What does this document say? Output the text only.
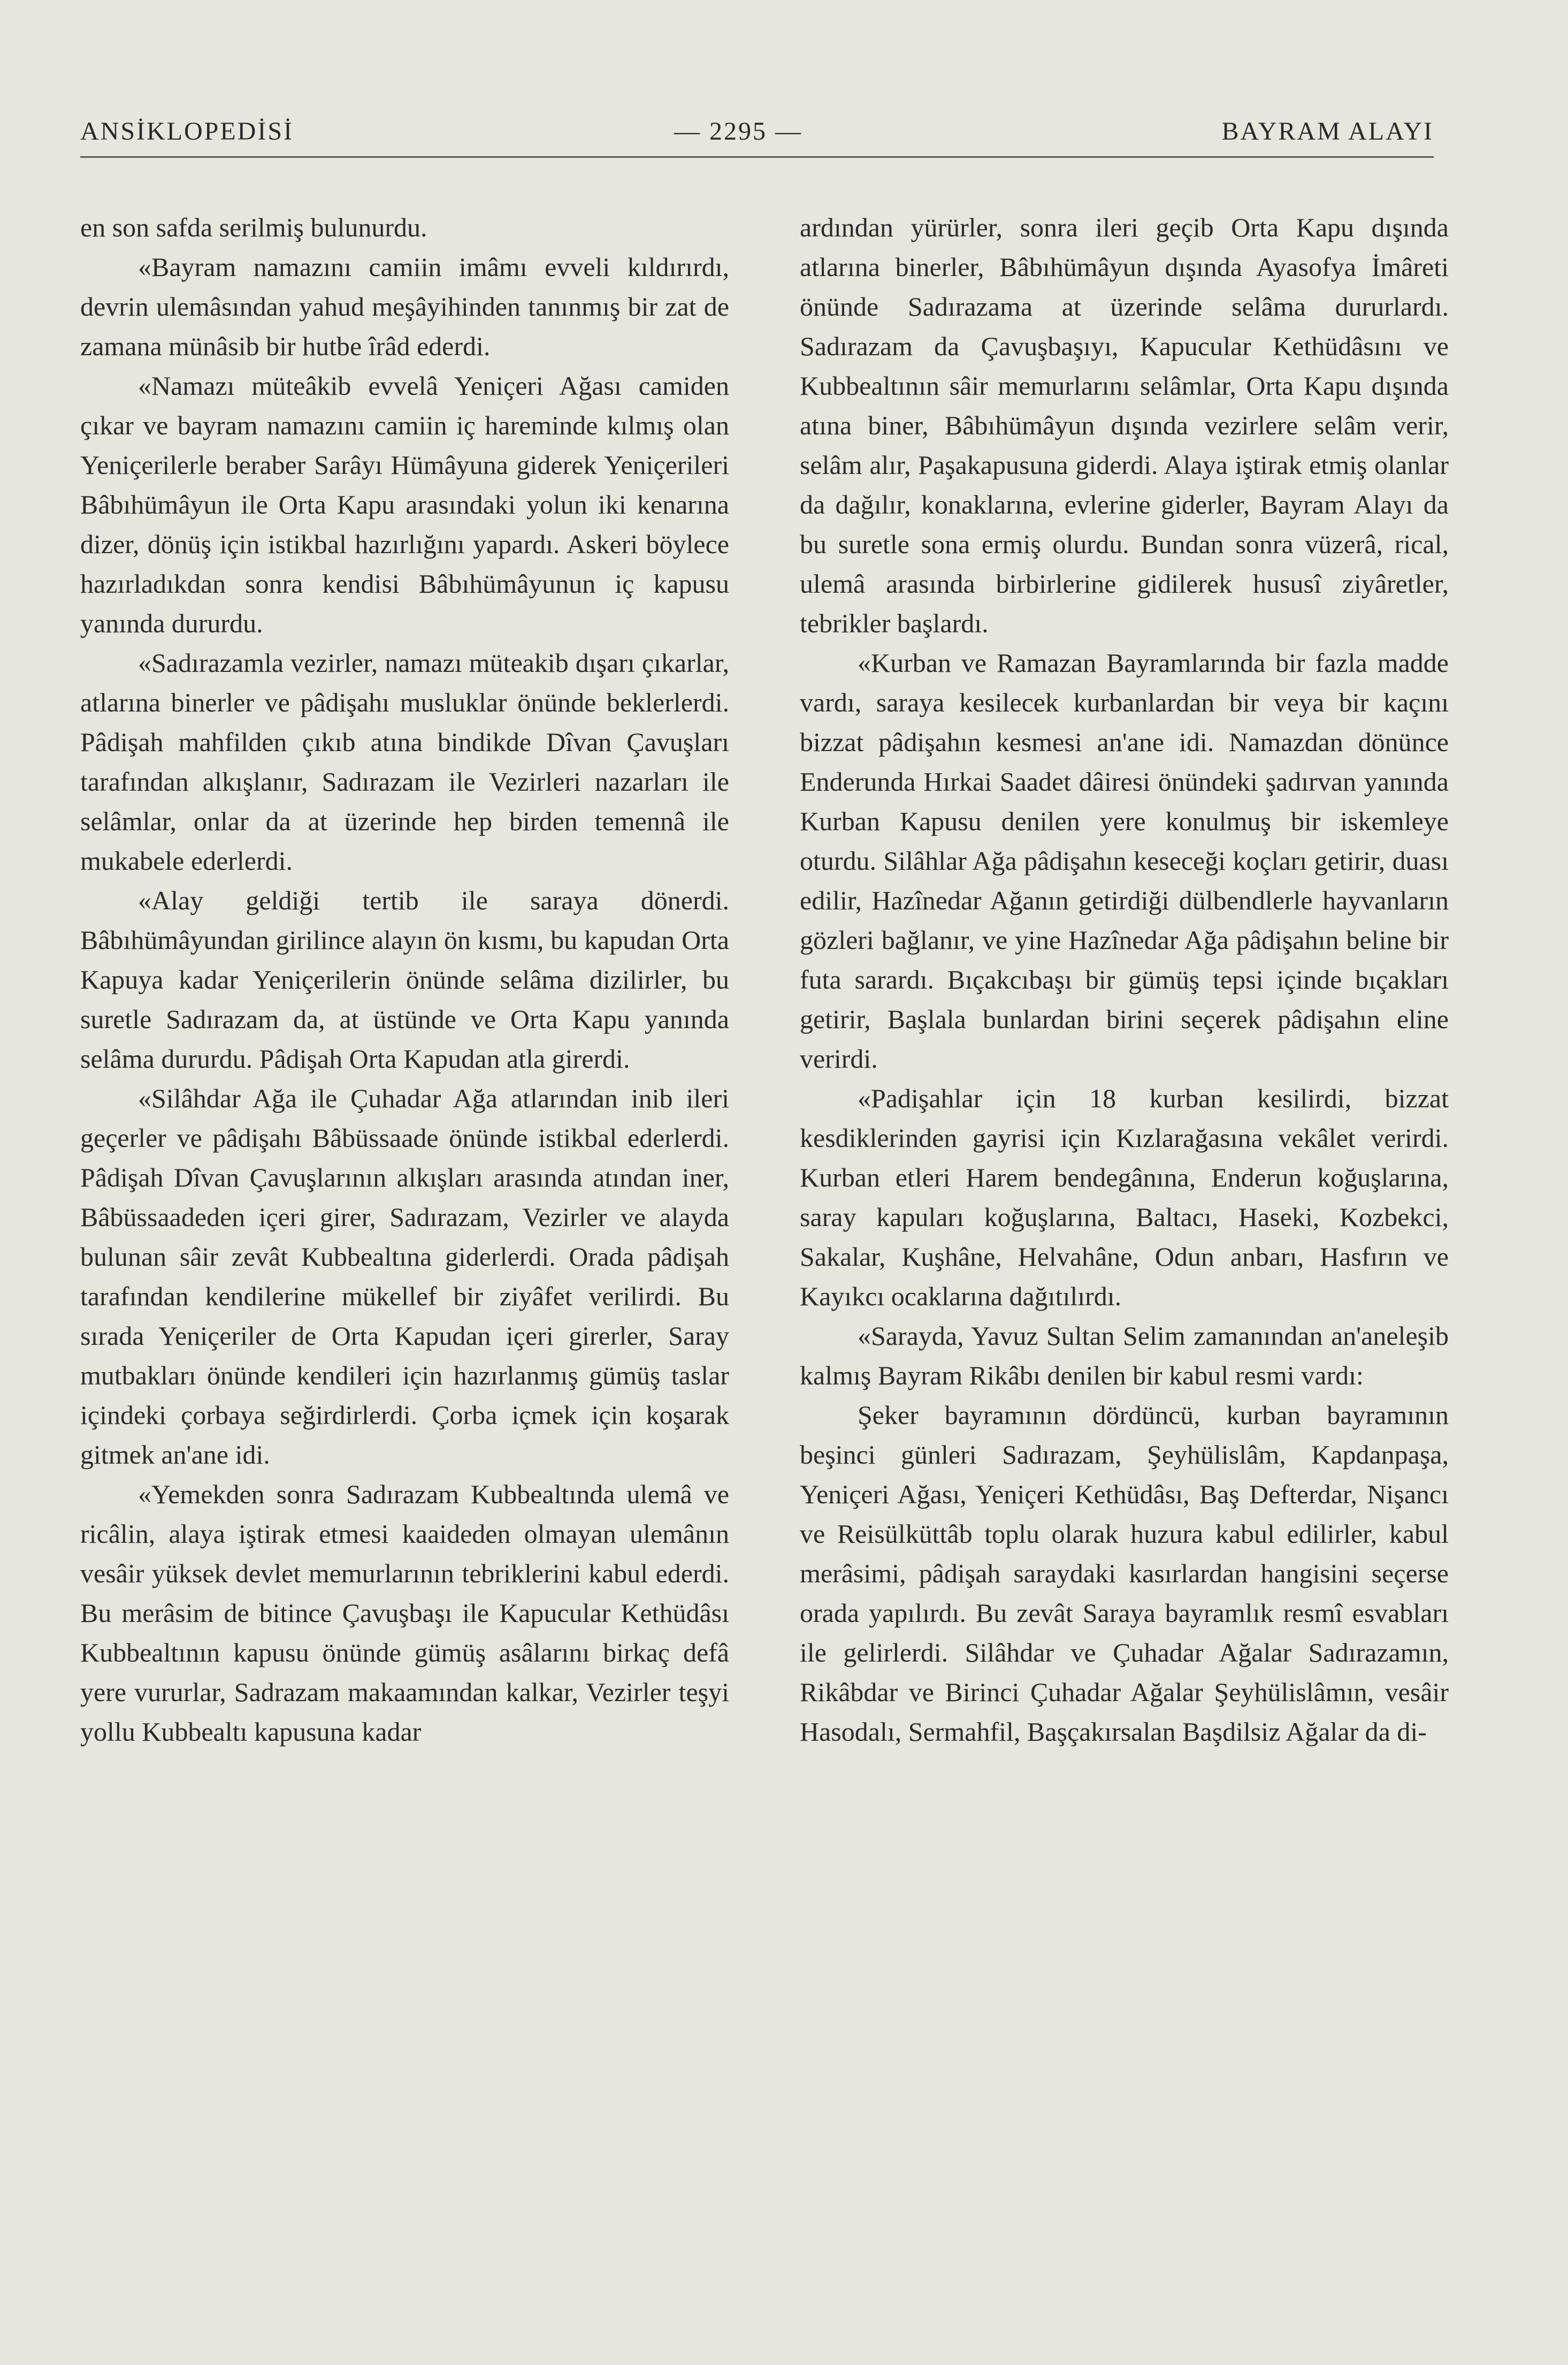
ANSİKLOPEDİSİ	— 2295 —	BAYRAM ALAYI

en son safda serilmiş bulunurdu.

«Bayram namazını camiin imâmı evveli kıldırırdı, devrin ulemâsından yahud meşâyihinden tanınmış bir zat de zamana münâsib bir hutbe îrâd ederdi.

«Namazı müteâkib evvelâ Yeniçeri Ağası camiden çıkar ve bayram namazını camiin iç hareminde kılmış olan Yeniçerilerle beraber Sarâyı Hümâyuna giderek Yeniçerileri Bâbıhümâyun ile Orta Kapu arasındaki yolun iki kenarına dizer, dönüş için istikbal hazırlığını yapardı. Askeri böylece hazırladıkdan sonra kendisi Bâbıhümâyunun iç kapusu yanında dururdu.

«Sadırazamla vezirler, namazı müteakib dışarı çıkarlar, atlarına binerler ve pâdişahı musluklar önünde beklerlerdi. Pâdişah mahfilden çıkıb atına bindikde Dîvan Çavuşları tarafından alkışlanır, Sadırazam ile Vezirleri nazarları ile selâmlar, onlar da at üzerinde hep birden temennâ ile mukabele ederlerdi.

«Alay geldiği tertib ile saraya dönerdi. Bâbıhümâyundan girilince alayın ön kısmı, bu kapudan Orta Kapuya kadar Yeniçerilerin önünde selâma dizilirler, bu suretle Sadırazam da, at üstünde ve Orta Kapu yanında selâma dururdu. Pâdişah Orta Kapudan atla girerdi.

«Silâhdar Ağa ile Çuhadar Ağa atlarından inib ileri geçerler ve pâdişahı Bâbüssaade önünde istikbal ederlerdi. Pâdişah Dîvan Çavuşlarının alkışları arasında atından iner, Bâbüssaadeden içeri girer, Sadırazam, Vezirler ve alayda bulunan sâir zevât Kubbealtına giderlerdi. Orada pâdişah tarafından kendilerine mükellef bir ziyâfet verilirdi. Bu sırada Yeniçeriler de Orta Kapudan içeri girerler, Saray mutbakları önünde kendileri için hazırlanmış gümüş taslar içindeki çorbaya seğirdirlerdi. Çorba içmek için koşarak gitmek an'ane idi.

«Yemekden sonra Sadırazam Kubbealtında ulemâ ve ricâlin, alaya iştirak etmesi kaaideden olmayan ulemânın vesâir yüksek devlet memurlarının tebriklerini kabul ederdi. Bu merâsim de bitince Çavuşbaşı ile Kapucular Kethüdâsı Kubbealtının kapusu önünde gümüş asâlarını birkaç defâ yere vururlar, Sadrazam makaamından kalkar, Vezirler teşyi yollu Kubbealtı kapusuna kadar

ardından yürürler, sonra ileri geçib Orta Kapu dışında atlarına binerler, Bâbıhümâyun dışında Ayasofya İmâreti önünde Sadırazama at üzerinde selâma dururlardı. Sadırazam da Çavuşbaşıyı, Kapucular Kethüdâsını ve Kubbealtının sâir memurlarını selâmlar, Orta Kapu dışında atına biner, Bâbıhümâyun dışında vezirlere selâm verir, selâm alır, Paşakapusuna giderdi. Alaya iştirak etmiş olanlar da dağılır, konaklarına, evlerine giderler, Bayram Alayı da bu suretle sona ermiş olurdu. Bundan sonra vüzerâ, rical, ulemâ arasında birbirlerine gidilerek hususî ziyâretler, tebrikler başlardı.

«Kurban ve Ramazan Bayramlarında bir fazla madde vardı, saraya kesilecek kurbanlardan bir veya bir kaçını bizzat pâdişahın kesmesi an'ane idi. Namazdan dönünce Enderunda Hırkai Saadet dâiresi önündeki şadırvan yanında Kurban Kapusu denilen yere konulmuş bir iskemleye oturdu. Silâhlar Ağa pâdişahın keseceği koçları getirir, duası edilir, Hazînedar Ağanın getirdiği dülbendlerle hayvanların gözleri bağlanır, ve yine Hazînedar Ağa pâdişahın beline bir futa sarardı. Bıçakcıbaşı bir gümüş tepsi içinde bıçakları getirir, Başlala bunlardan birini seçerek pâdişahın eline verirdi.

«Padişahlar için 18 kurban kesilirdi, bizzat kesdiklerinden gayrisi için Kızlarağasına vekâlet verirdi. Kurban etleri Harem bendegânına, Enderun koğuşlarına, saray kapuları koğuşlarına, Baltacı, Haseki, Kozbekci, Sakalar, Kuşhâne, Helvahâne, Odun anbarı, Hasfırın ve Kayıkcı ocaklarına dağıtılırdı.

«Sarayda, Yavuz Sultan Selim zamanından an'aneleşib kalmış Bayram Rikâbı denilen bir kabul resmi vardı:

Şeker bayramının dördüncü, kurban bayramının beşinci günleri Sadırazam, Şeyhülislâm, Kapdanpaşa, Yeniçeri Ağası, Yeniçeri Kethüdâsı, Baş Defterdar, Nişancı ve Reisülküttâb toplu olarak huzura kabul edilirler, kabul merâsimi, pâdişah saraydaki kasırlardan hangisini seçerse orada yapılırdı. Bu zevât Saraya bayramlık resmî esvabları ile gelirlerdi. Silâhdar ve Çuhadar Ağalar Sadırazamın, Rikâbdar ve Birinci Çuhadar Ağalar Şeyhülislâmın, vesâir Hasodalı, Sermahfil, Başçakırsalan Başdilsiz Ağalar da di-
